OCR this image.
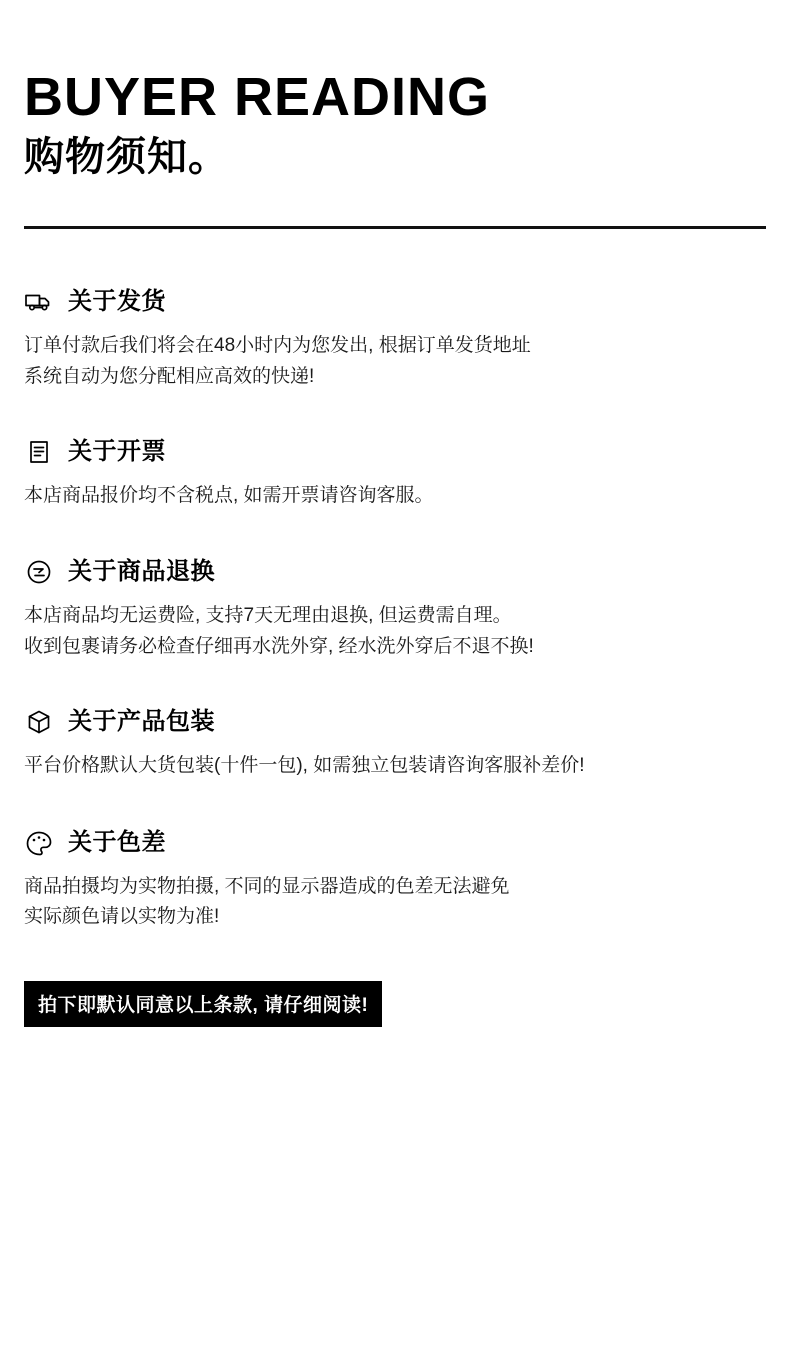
BUYER READING
购物须知。
关于发货
订单付款后我们将会在48小时内为您发出, 根据订单发货地址
系统自动为您分配相应高效的快递!
关于开票
本店商品报价均不含税点, 如需开票请咨询客服。
关于商品退换
本店商品均无运费险, 支持7天无理由退换, 但运费需自理。
收到包裹请务必检查仔细再水洗外穿, 经水洗外穿后不退不换!
关于产品包装
平台价格默认大货包装(十件一包), 如需独立包装请咨询客服补差价!
关于色差
商品拍摄均为实物拍摄, 不同的显示器造成的色差无法避免
实际颜色请以实物为准!
拍下即默认同意以上条款, 请仔细阅读!
